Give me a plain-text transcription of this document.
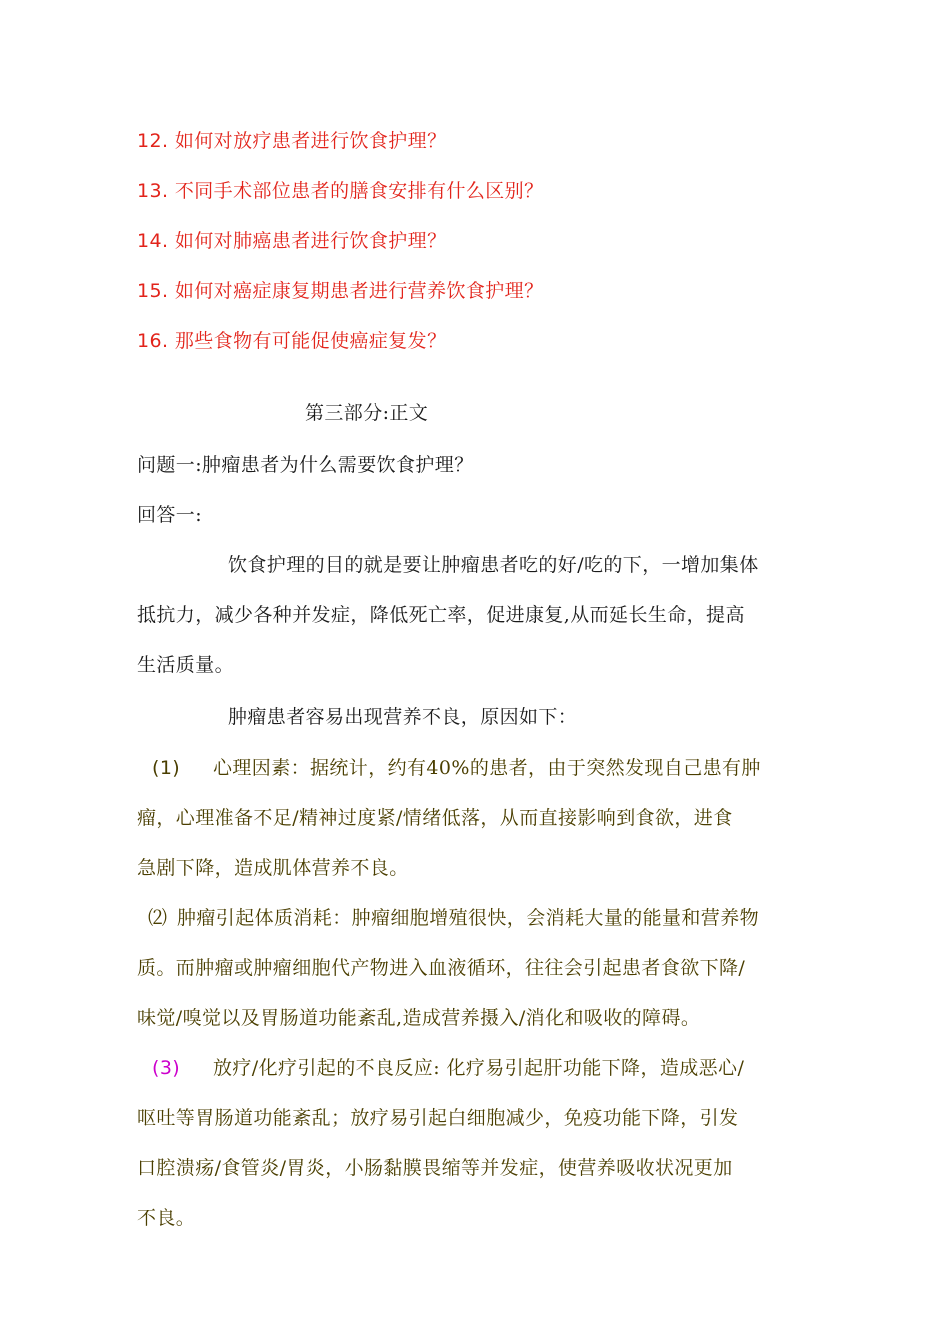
12. 如何对放疗患者进行饮食护理？
13. 不同手术部位患者的膳食安排有什么区别？
14. 如何对肺癌患者进行饮食护理？
15. 如何对癌症康复期患者进行营养饮食护理？
16. 那些食物有可能促使癌症复发？
第三部分:正文
问题一:肿瘤患者为什么需要饮食护理？
回答一:
饮食护理的目的就是要让肿瘤患者吃的好/吃的下，一增加集体
抵抗力，减少各种并发症，降低死亡率，促进康复,从而延长生命，提高
生活质量。
肿瘤患者容易出现营养不良，原因如下：
(1) 心理因素：据统计，约有40%的患者，由于突然发现自己患有肿
瘤，心理准备不足/精神过度紧/情绪低落，从而直接影响到食欲，进食
急剧下降，造成肌体营养不良。
⑵ 肿瘤引起体质消耗：肿瘤细胞增殖很快，会消耗大量的能量和营养物
质。而肿瘤或肿瘤细胞代产物进入血液循环，往往会引起患者食欲下降/
味觉/嗅觉以及胃肠道功能紊乱,造成营养摄入/消化和吸收的障碍。
(3) 放疗/化疗引起的不良反应: 化疗易引起肝功能下降，造成恶心/
呕吐等胃肠道功能紊乱；放疗易引起白细胞减少，免疫功能下降，引发
口腔溃疡/食管炎/胃炎，小肠黏膜畏缩等并发症，使营养吸收状况更加
不良。
